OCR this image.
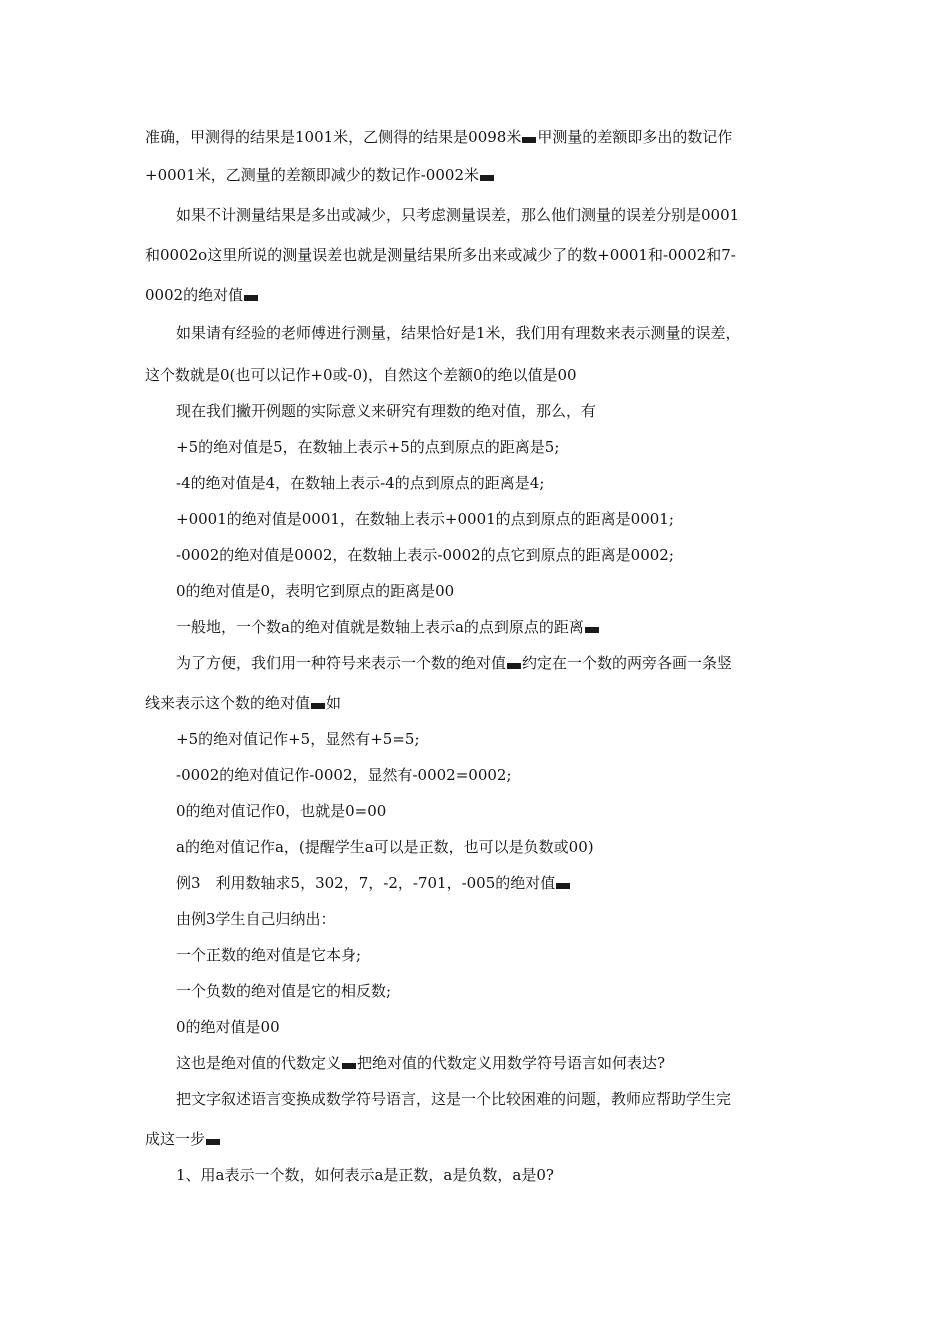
准确，甲测得的结果是1001米，乙侧得的结果是0098米 甲测量的差额即多出的数记作
+0001米，乙测量的差额即减少的数记作-0002米
如果不计测量结果是多出或减少，只考虑测量误差，那么他们测量的误差分别是0001
和0002o这里所说的测量误差也就是测量结果所多出来或减少了的数+0001和-0002和7-
0002的绝对值
如果请有经验的老师傅进行测量，结果恰好是1米，我们用有理数来表示测量的误差，
这个数就是0(也可以记作+0或-0)，自然这个差额0的绝以值是00
现在我们撇开例题的实际意义来研究有理数的绝对值，那么，有
+5的绝对值是5，在数轴上表示+5的点到原点的距离是5;
-4的绝对值是4，在数轴上表示-4的点到原点的距离是4;
+0001的绝对值是0001，在数轴上表示+0001的点到原点的距离是0001;
-0002的绝对值是0002，在数轴上表示-0002的点它到原点的距离是0002;
0的绝对值是0，表明它到原点的距离是00
一般地，一个数a的绝对值就是数轴上表示a的点到原点的距离
为了方便，我们用一种符号来表示一个数的绝对值 约定在一个数的两旁各画一条竖
线来表示这个数的绝对值 如
+5的绝对值记作+5，显然有+5=5;
-0002的绝对值记作-0002，显然有-0002=0002;
0的绝对值记作0，也就是0=00
a的绝对值记作a，(提醒学生a可以是正数，也可以是负数或00)
例3　利用数轴求5，302，7，-2，-701，-005的绝对值
由例3学生自己归纳出：
一个正数的绝对值是它本身;
一个负数的绝对值是它的相反数;
0的绝对值是00
这也是绝对值的代数定义 把绝对值的代数定义用数学符号语言如何表达?
把文字叙述语言变换成数学符号语言，这是一个比较困难的问题，教师应帮助学生完
成这一步
1、用a表示一个数，如何表示a是正数，a是负数，a是0?
